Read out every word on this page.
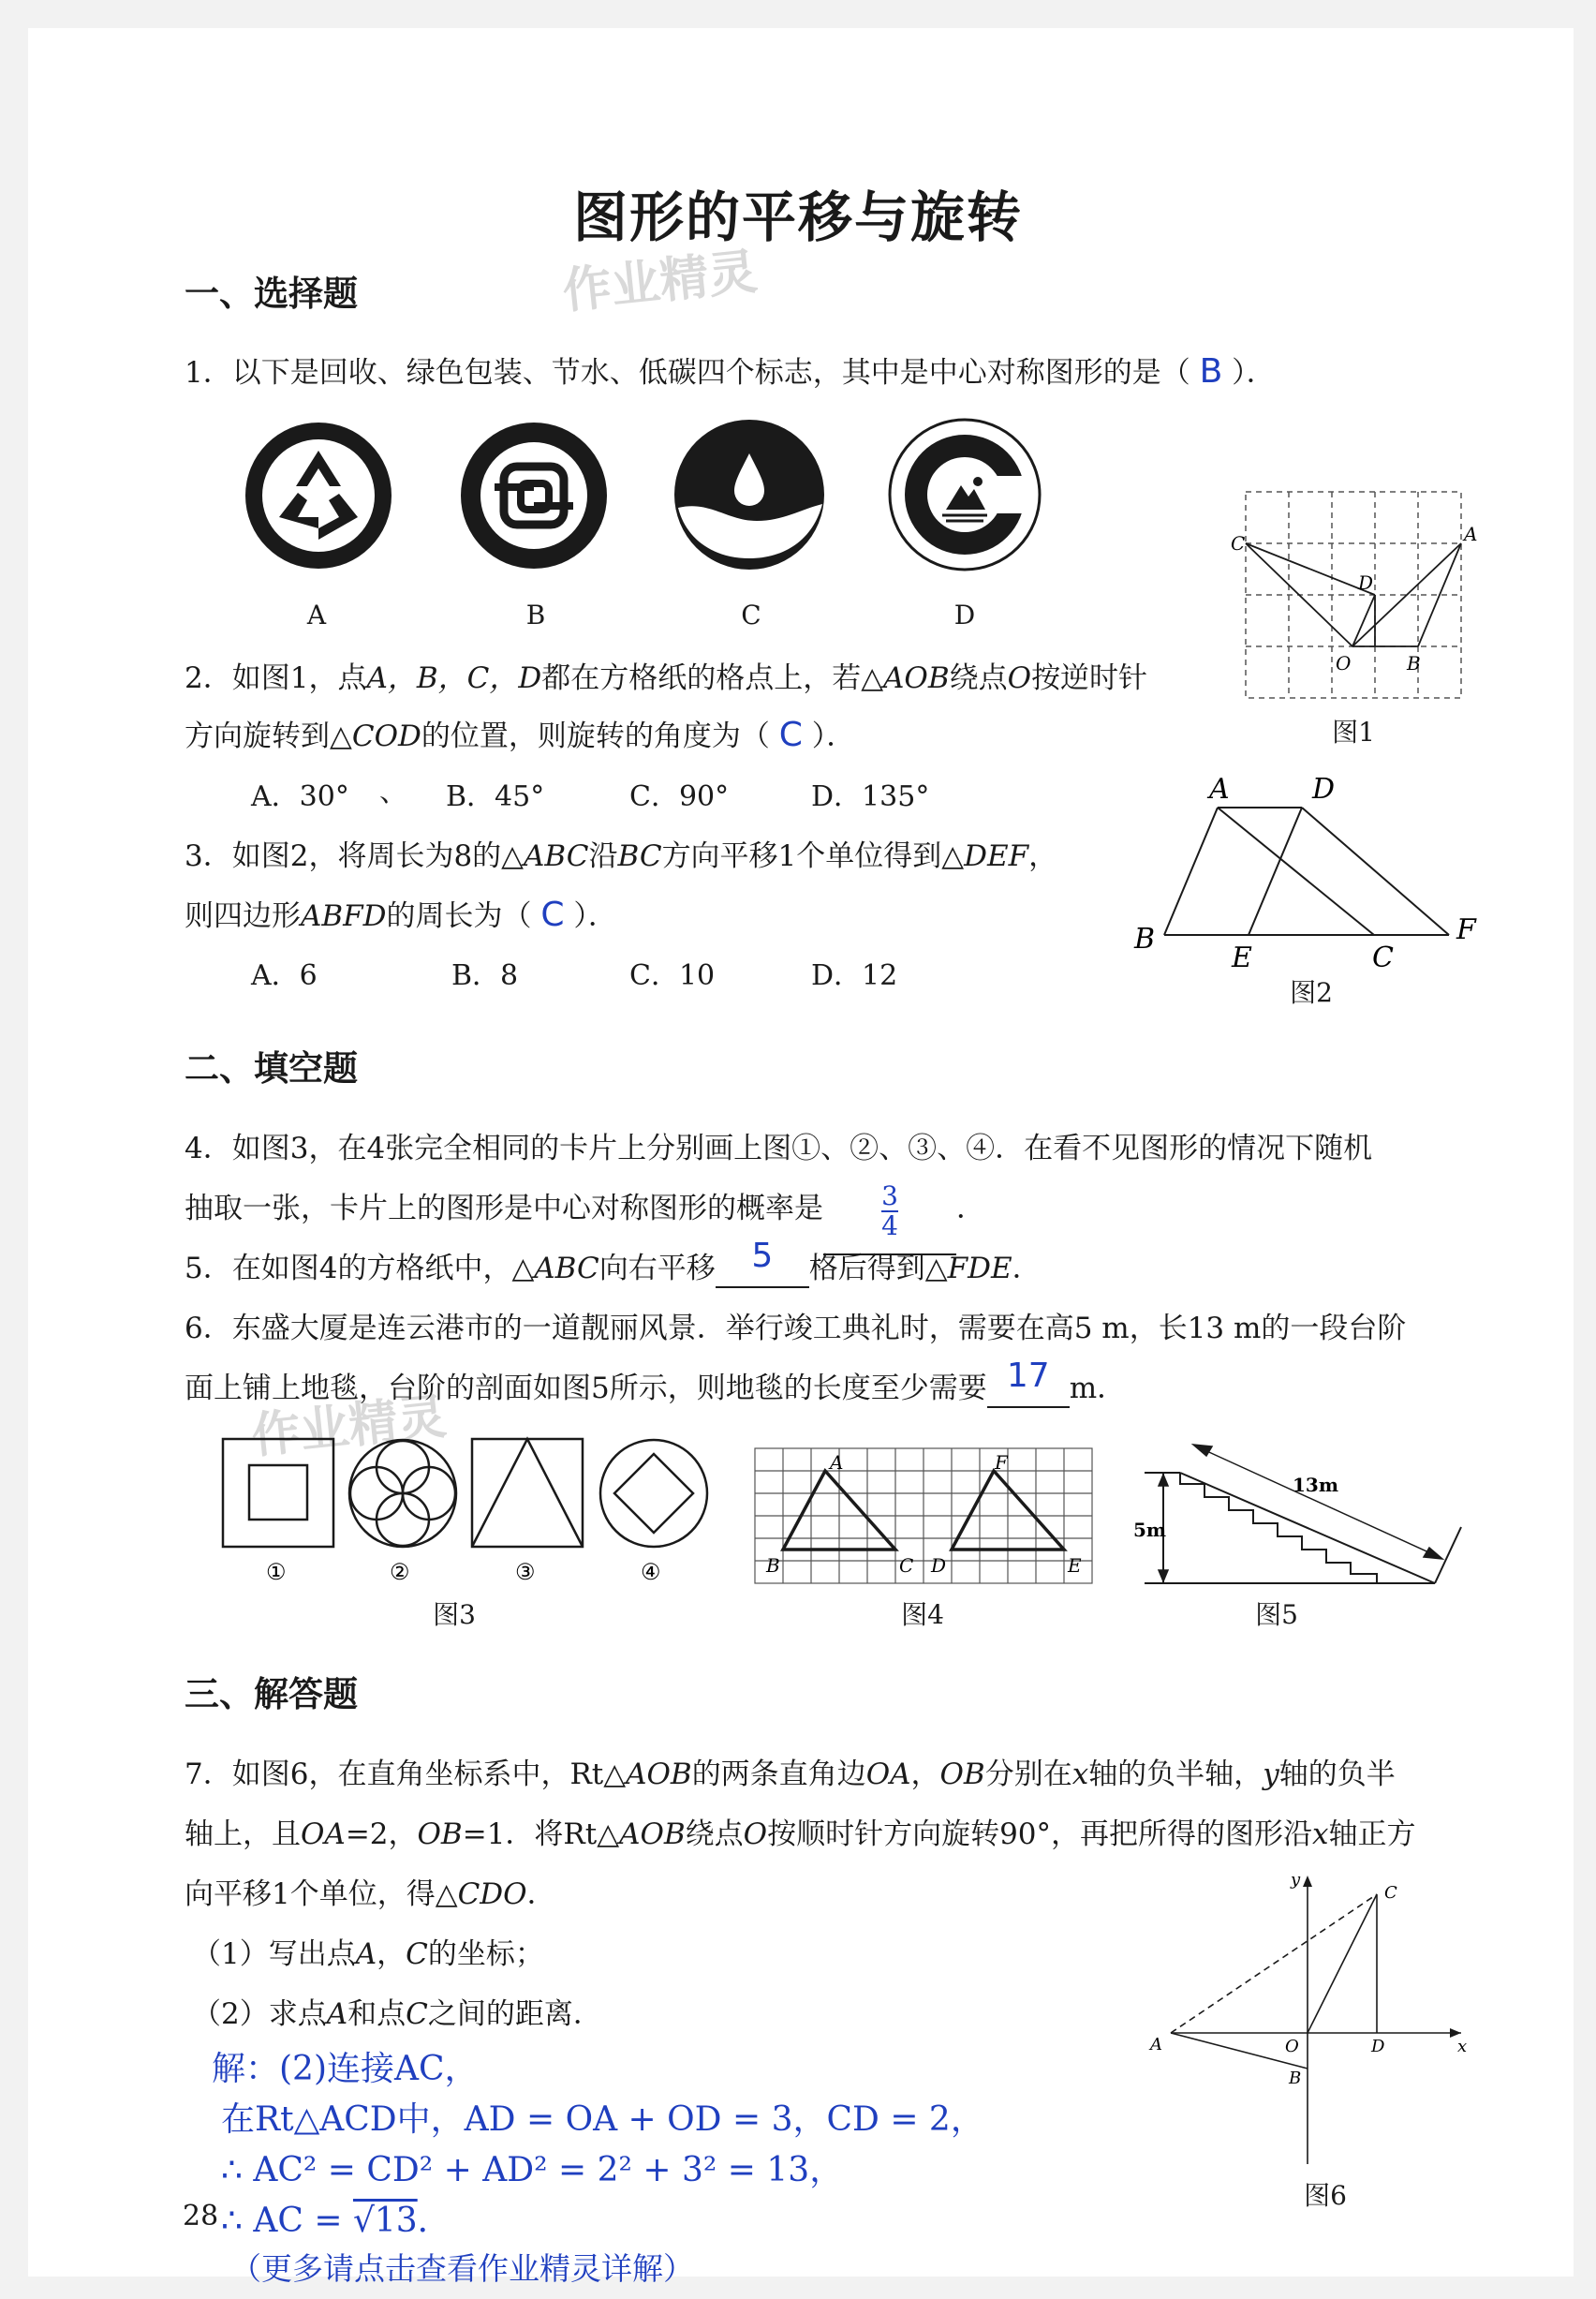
作业精灵
作业精灵
图形的平移与旋转
一、选择题
1．以下是回收、绿色包装、节水、低碳四个标志，其中是中心对称图形的是（ B ）．
A	B	C	D
C	A
D
O	B
图1
2．如图1，点A，B，C，D都在方格纸的格点上，若△AOB绕点O按逆时针
方向旋转到△COD的位置，则旋转的角度为（ C ）．
A．30° 、 B．45°	C．90°	D．135°	A	D
B
E	C
F
图2
3．如图2，将周长为8的△ABC沿BC方向平移1个单位得到△DEF，
则四边形ABFD的周长为（ C ）．
A．6	B．8	C．10	D．12
二、填空题
4．如图3，在4张完全相同的卡片上分别画上图①、②、③、④．在看不见图形的情况下随机
抽取一张，卡片上的图形是中心对称图形的概率是 $\frac{3}{4}$ ．
5．在如图4的方格纸中，△ABC向右平移 5 格后得到△FDE．
6．东盛大厦是连云港市的一道靓丽风景．举行竣工典礼时，需要在高5 m，长13 m的一段台阶
面上铺上地毯，台阶的剖面如图5所示，则地毯的长度至少需要 17 m．
①	②	③	④
图3
A	F
B	C D	E
图4
13m
5m
图5
三、解答题
7．如图6，在直角坐标系中，Rt△AOB的两条直角边OA，OB分别在x轴的负半轴，y轴的负半
轴上，且OA=2，OB=1．将Rt△AOB绕点O按顺时针方向旋转90°，再把所得的图形沿x轴正方
向平移1个单位，得△CDO．
（1）写出点A，C的坐标；
（2）求点A和点C之间的距离．
y
C
A	O	D	x
B
图6
解：(2)连接AC，
在Rt△ACD中，AD = OA + OD = 3，CD = 2，
∴ AC² = CD² + AD² = 2² + 3² = 13，
∴ AC = √13．
28
（更多请点击查看作业精灵详解）
